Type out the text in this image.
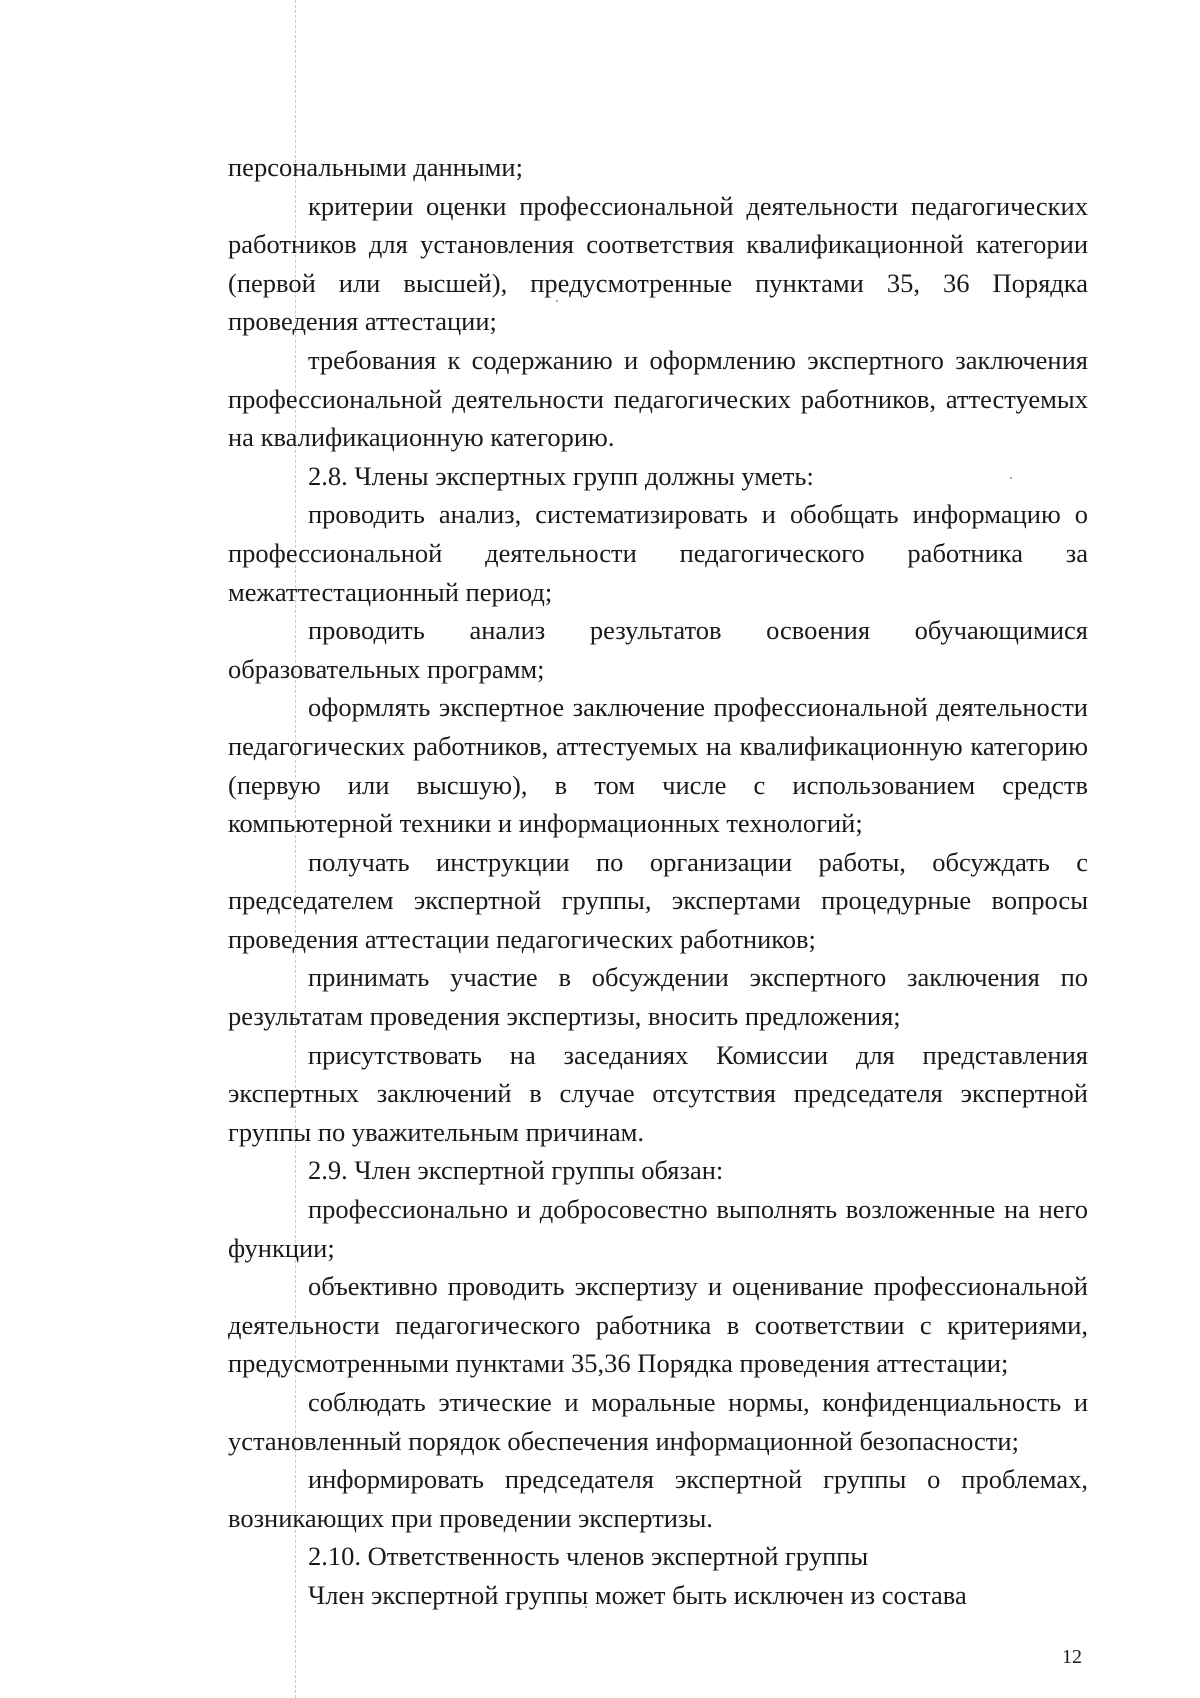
персональными данными;

критерии оценки профессиональной деятельности педагогических работников для установления соответствия квалификационной категории (первой или высшей), предусмотренные пунктами 35, 36 Порядка проведения аттестации;

требования к содержанию и оформлению экспертного заключения профессиональной деятельности педагогических работников, аттестуемых на квалификационную категорию.

2.8. Члены экспертных групп должны уметь:

проводить анализ, систематизировать и обобщать информацию о профессиональной деятельности педагогического работника за межаттестационный период;

проводить анализ результатов освоения обучающимися образовательных программ;

оформлять экспертное заключение профессиональной деятельности педагогических работников, аттестуемых на квалификационную категорию (первую или высшую), в том числе с использованием средств компьютерной техники и информационных технологий;

получать инструкции по организации работы, обсуждать с председателем экспертной группы, экспертами процедурные вопросы проведения аттестации педагогических работников;

принимать участие в обсуждении экспертного заключения по результатам проведения экспертизы, вносить предложения;

присутствовать на заседаниях Комиссии для представления экспертных заключений в случае отсутствия председателя экспертной группы по уважительным причинам.

2.9. Член экспертной группы обязан:

профессионально и добросовестно выполнять возложенные на него функции;

объективно проводить экспертизу и оценивание профессиональной деятельности педагогического работника в соответствии с критериями, предусмотренными пунктами 35,36 Порядка проведения аттестации;

соблюдать этические и моральные нормы, конфиденциальность и установленный порядок обеспечения информационной безопасности;

информировать председателя экспертной группы о проблемах, возникающих при проведении экспертизы.

2.10. Ответственность членов экспертной группы

Член экспертной группы может быть исключен из состава

12
